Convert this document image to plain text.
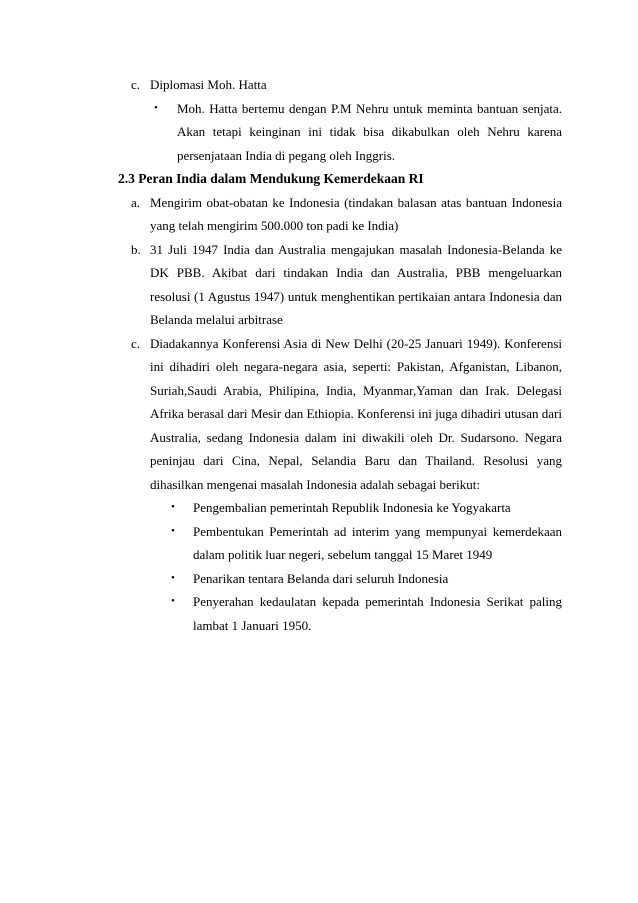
c. Diplomasi Moh. Hatta
• Moh. Hatta bertemu dengan P.M Nehru untuk meminta bantuan senjata. Akan tetapi keinginan ini tidak bisa dikabulkan oleh Nehru karena persenjataan India di pegang oleh Inggris.
2.3 Peran India dalam Mendukung Kemerdekaan RI
a. Mengirim obat-obatan ke Indonesia (tindakan balasan atas bantuan Indonesia yang telah mengirim 500.000 ton padi ke India)
b. 31 Juli 1947 India dan Australia mengajukan masalah Indonesia-Belanda ke DK PBB. Akibat dari tindakan India dan Australia, PBB mengeluarkan resolusi (1 Agustus 1947) untuk menghentikan pertikaian antara Indonesia dan Belanda melalui arbitrase
c. Diadakannya Konferensi Asia di New Delhi (20-25 Januari 1949). Konferensi ini dihadiri oleh negara-negara asia, seperti: Pakistan, Afganistan, Libanon, Suriah,Saudi Arabia, Philipina, India, Myanmar,Yaman dan Irak. Delegasi Afrika berasal dari Mesir dan Ethiopia. Konferensi ini juga dihadiri utusan dari Australia, sedang Indonesia dalam ini diwakili oleh Dr. Sudarsono. Negara peninjau dari Cina, Nepal, Selandia Baru dan Thailand. Resolusi yang dihasilkan mengenai masalah Indonesia adalah sebagai berikut:
• Pengembalian pemerintah Republik Indonesia ke Yogyakarta
• Pembentukan Pemerintah ad interim yang mempunyai kemerdekaan dalam politik luar negeri, sebelum tanggal 15 Maret 1949
• Penarikan tentara Belanda dari seluruh Indonesia
• Penyerahan kedaulatan kepada pemerintah Indonesia Serikat paling lambat 1 Januari 1950.
